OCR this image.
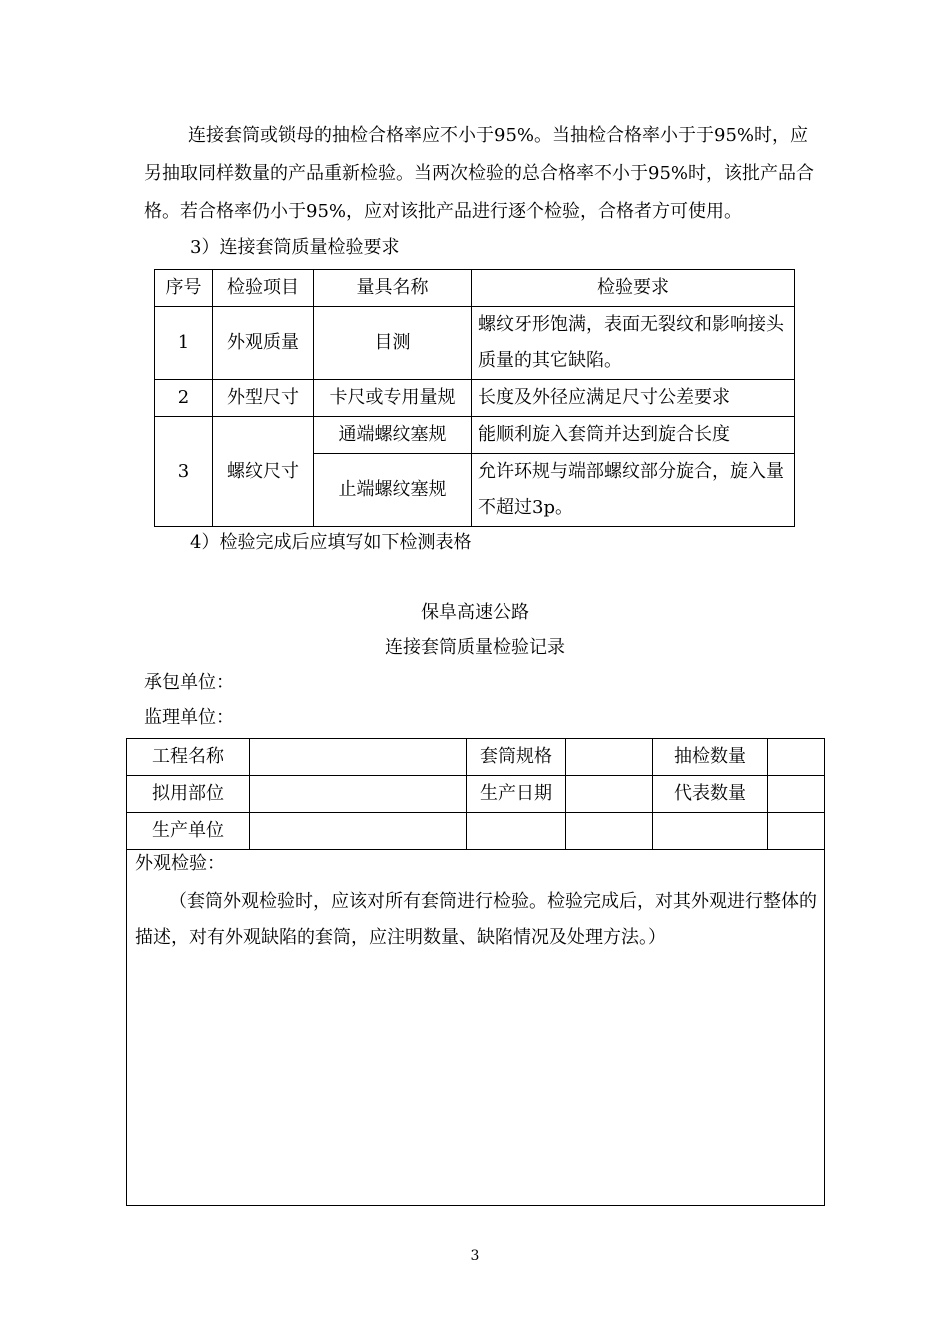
连接套筒或锁母的抽检合格率应不小于95%。当抽检合格率小于于95%时，应另抽取同样数量的产品重新检验。当两次检验的总合格率不小于95%时，该批产品合格。若合格率仍小于95%，应对该批产品进行逐个检验，合格者方可使用。
3）连接套筒质量检验要求
序号	检验项目	量具名称	检验要求
1	外观质量	目测	螺纹牙形饱满，表面无裂纹和影响接头质量的其它缺陷。
2	外型尺寸	卡尺或专用量规	长度及外径应满足尺寸公差要求
3	螺纹尺寸	通端螺纹塞规	能顺利旋入套筒并达到旋合长度
		止端螺纹塞规	允许环规与端部螺纹部分旋合，旋入量不超过3p。
4）检验完成后应填写如下检测表格
保阜高速公路
连接套筒质量检验记录
承包单位：
监理单位：
工程名称		套筒规格		抽检数量	
拟用部位		生产日期		代表数量	
生产单位					
外观检验：
（套筒外观检验时，应该对所有套筒进行检验。检验完成后，对其外观进行整体的描述，对有外观缺陷的套筒，应注明数量、缺陷情况及处理方法。）
3
